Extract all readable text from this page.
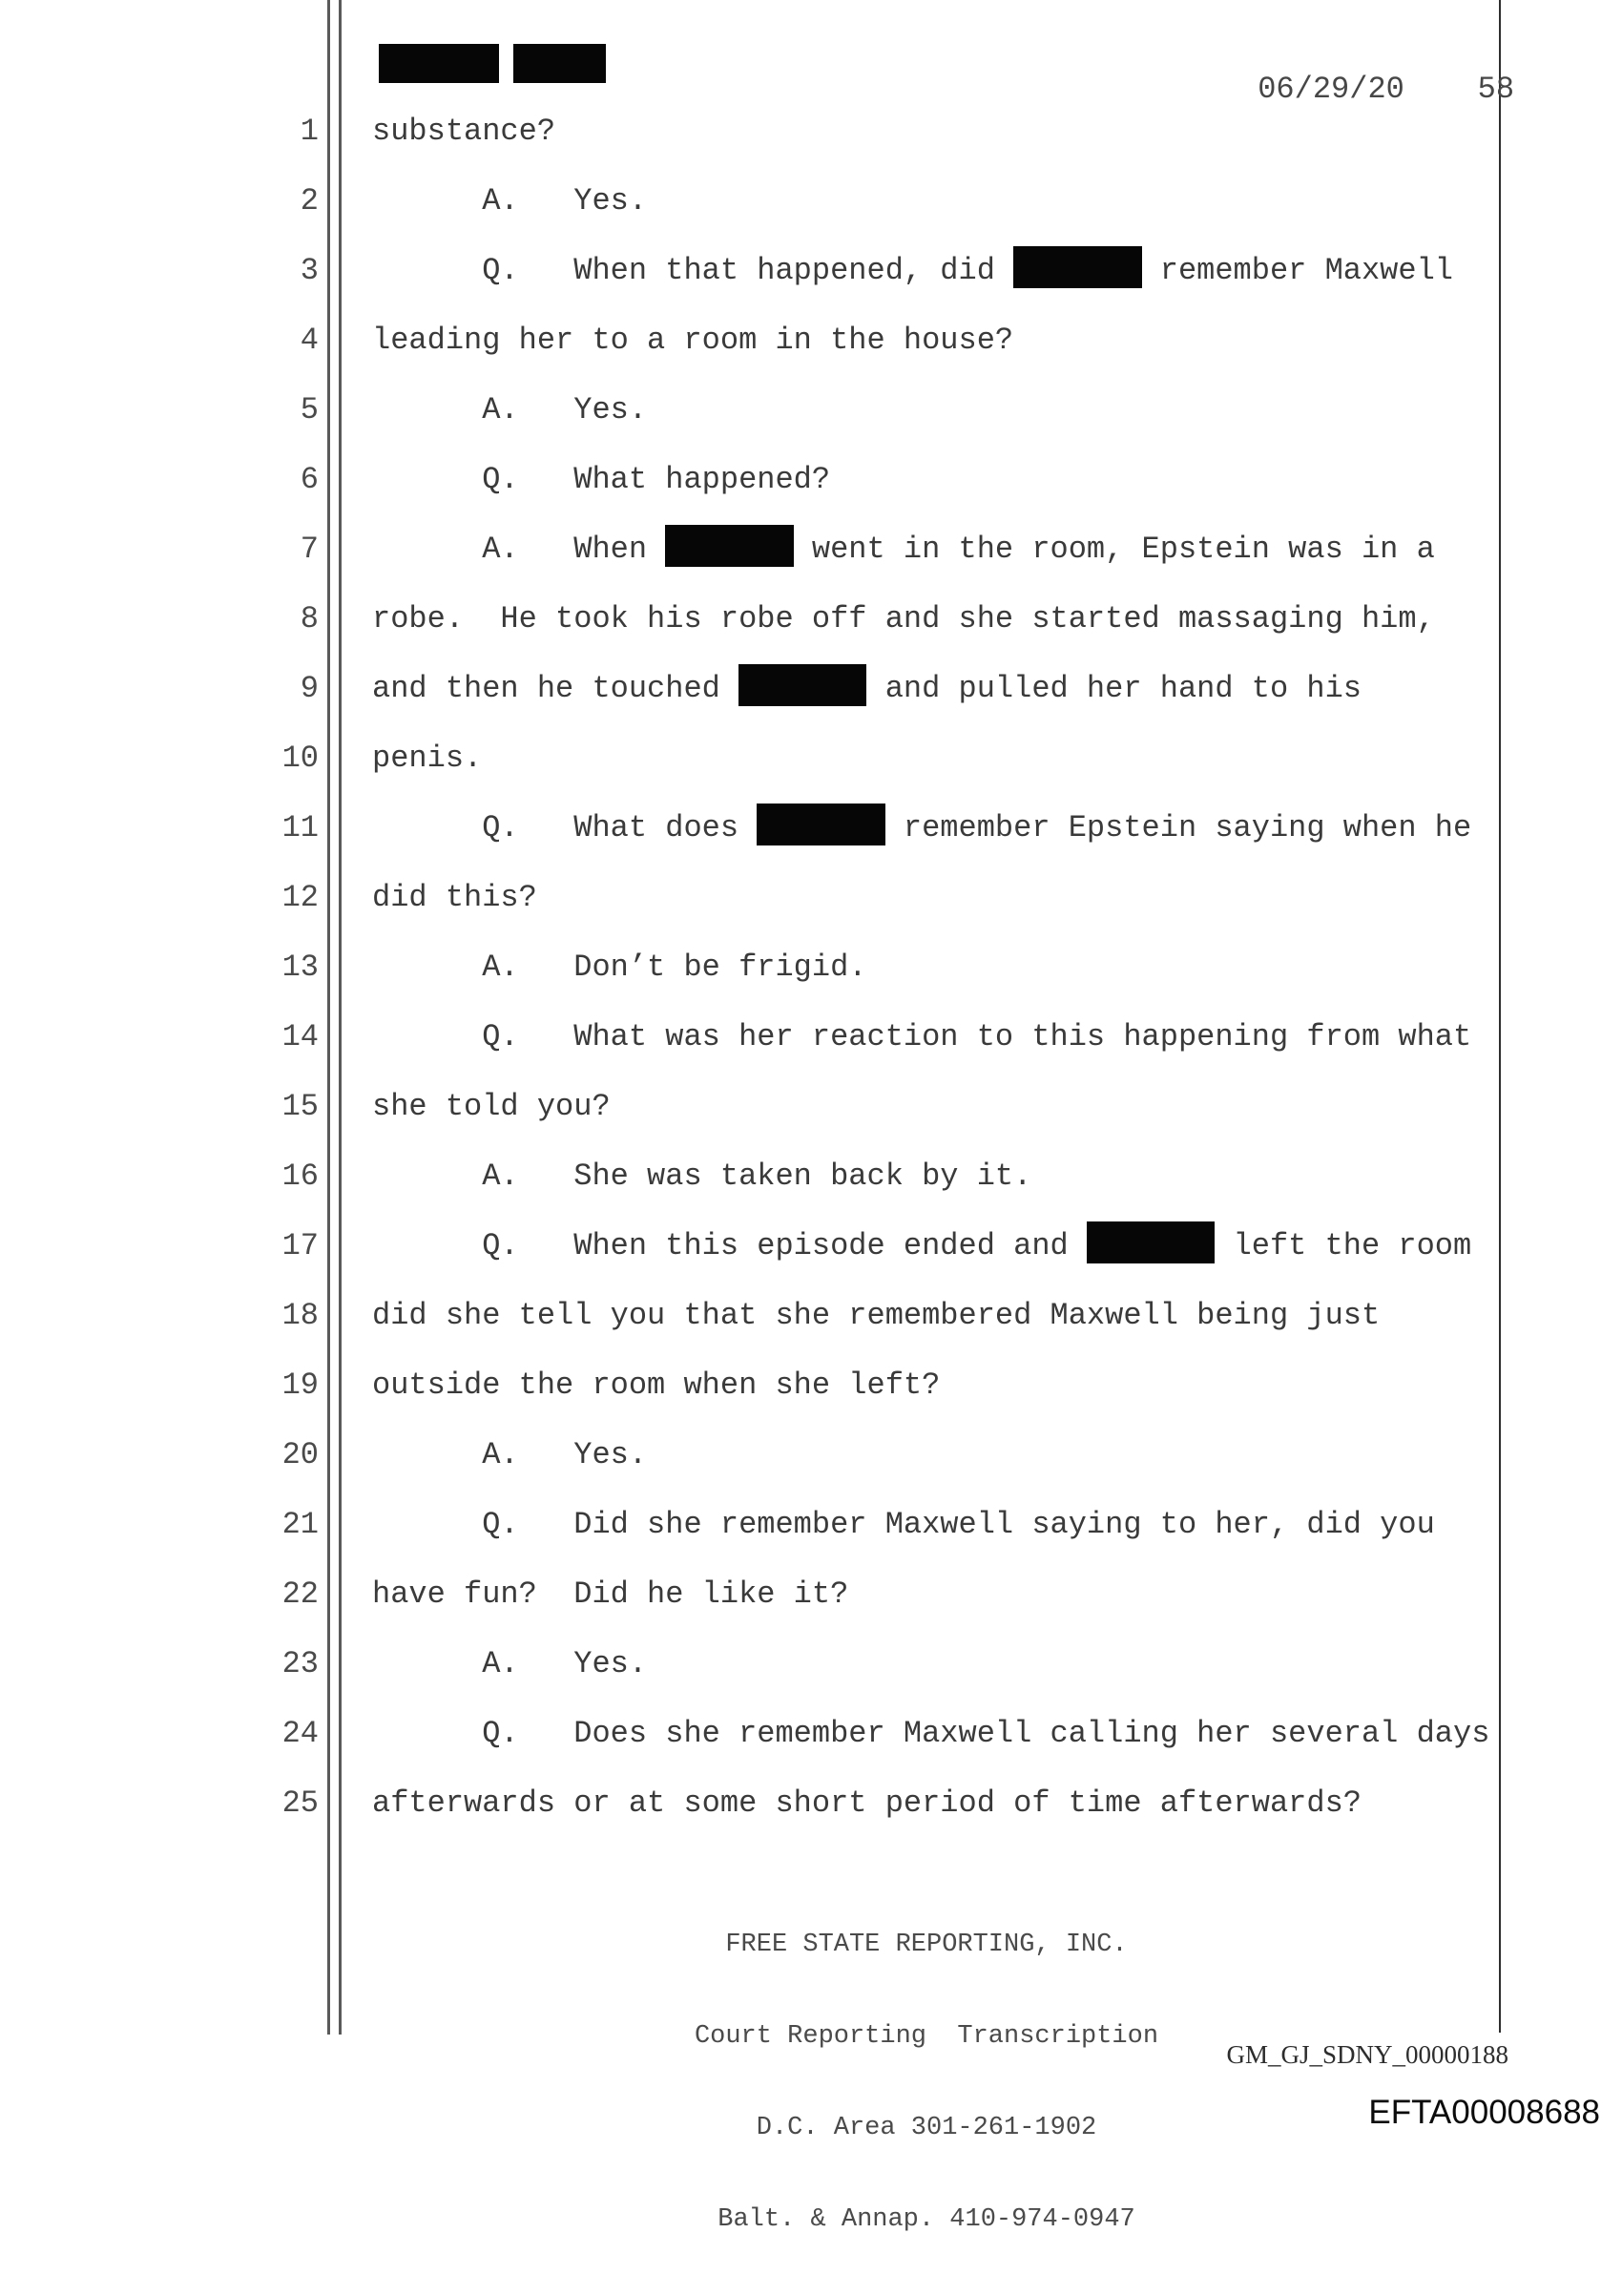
06/29/20 58

1 substance?
2 A.   Yes.
3 Q.   When that happened, did	remember Maxwell
4 leading her to a room in the house?
5 A.   Yes.
6 Q.   What happened?
7 A.   When	went in the room, Epstein was in a
8 robe.  He took his robe off and she started massaging him,
9 and then he touched	and pulled her hand to his
10 penis.
11 Q.   What does	remember Epstein saying when he
12 did this?
13 A.   Don’t be frigid.
14 Q.   What was her reaction to this happening from what
15 she told you?
16 A.   She was taken back by it.
17 Q.   When this episode ended and	left the room
18 did she tell you that she remembered Maxwell being just
19 outside the room when she left?
20 A.   Yes.
21 Q.   Did she remember Maxwell saying to her, did you
22 have fun?  Did he like it?
23 A.   Yes.
24 Q.   Does she remember Maxwell calling her several days
25 afterwards or at some short period of time afterwards?

FREE STATE REPORTING, INC.

Court Reporting  Transcription

D.C. Area 301-261-1902

Balt. & Annap. 410-974-0947

GM_GJ_SDNY_00000188
EFTA00008688
